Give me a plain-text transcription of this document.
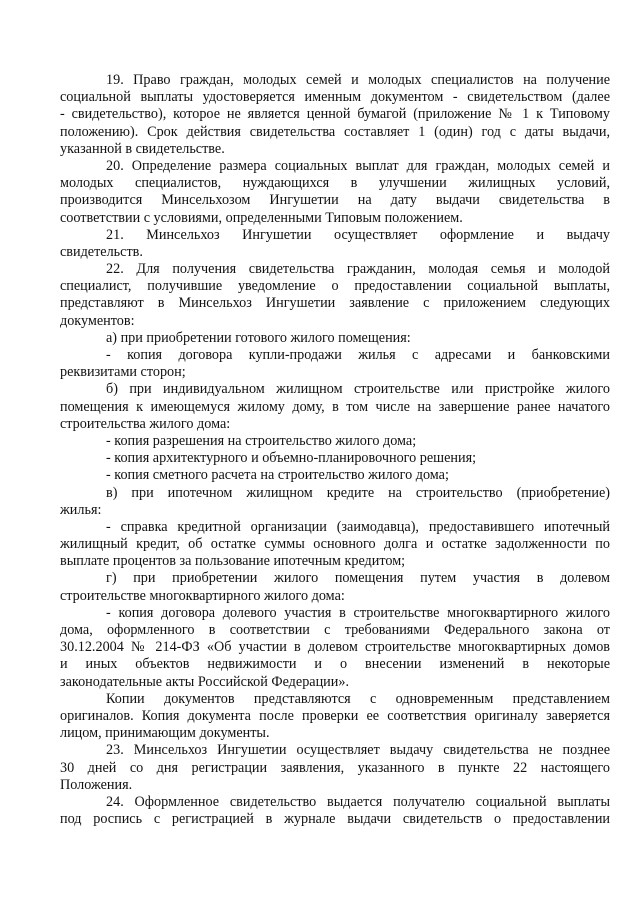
19. Право граждан, молодых семей и молодых специалистов на получение
социальной выплаты удостоверяется именным документом - свидетельством (далее
- свидетельство), которое не является ценной бумагой (приложение № 1 к Типовому
положению). Срок действия свидетельства составляет 1 (один) год с даты выдачи,
указанной в свидетельстве.
20. Определение размера социальных выплат для граждан, молодых семей и
молодых специалистов, нуждающихся в улучшении жилищных условий,
производится Минсельхозом Ингушетии на дату выдачи свидетельства в
соответствии с условиями, определенными Типовым положением.
21. Минсельхоз Ингушетии осуществляет оформление и выдачу
свидетельств.
22. Для получения свидетельства гражданин, молодая семья и молодой
специалист, получившие уведомление о предоставлении социальной выплаты,
представляют в Минсельхоз Ингушетии заявление с приложением следующих
документов:
а) при приобретении готового жилого помещения:
- копия договора купли-продажи жилья с адресами и банковскими
реквизитами сторон;
б) при индивидуальном жилищном строительстве или пристройке жилого
помещения к имеющемуся жилому дому, в том числе на завершение ранее начатого
строительства жилого дома:
- копия разрешения на строительство жилого дома;
- копия архитектурного и объемно-планировочного решения;
- копия сметного расчета на строительство жилого дома;
в) при ипотечном жилищном кредите на строительство (приобретение)
жилья:
- справка кредитной организации (заимодавца), предоставившего ипотечный
жилищный кредит, об остатке суммы основного долга и остатке задолженности по
выплате процентов за пользование ипотечным кредитом;
г) при приобретении жилого помещения путем участия в долевом
строительстве многоквартирного жилого дома:
- копия договора долевого участия в строительстве многоквартирного жилого
дома, оформленного в соответствии с требованиями Федерального закона от
30.12.2004 № 214-ФЗ «Об участии в долевом строительстве многоквартирных домов
и иных объектов недвижимости и о внесении изменений в некоторые
законодательные акты Российской Федерации».
Копии документов представляются с одновременным представлением
оригиналов. Копия документа после проверки ее соответствия оригиналу заверяется
лицом, принимающим документы.
23. Минсельхоз Ингушетии осуществляет выдачу свидетельства не позднее
30 дней со дня регистрации заявления, указанного в пункте 22 настоящего
Положения.
24. Оформленное свидетельство выдается получателю социальной выплаты
под роспись с регистрацией в журнале выдачи свидетельств о предоставлении
